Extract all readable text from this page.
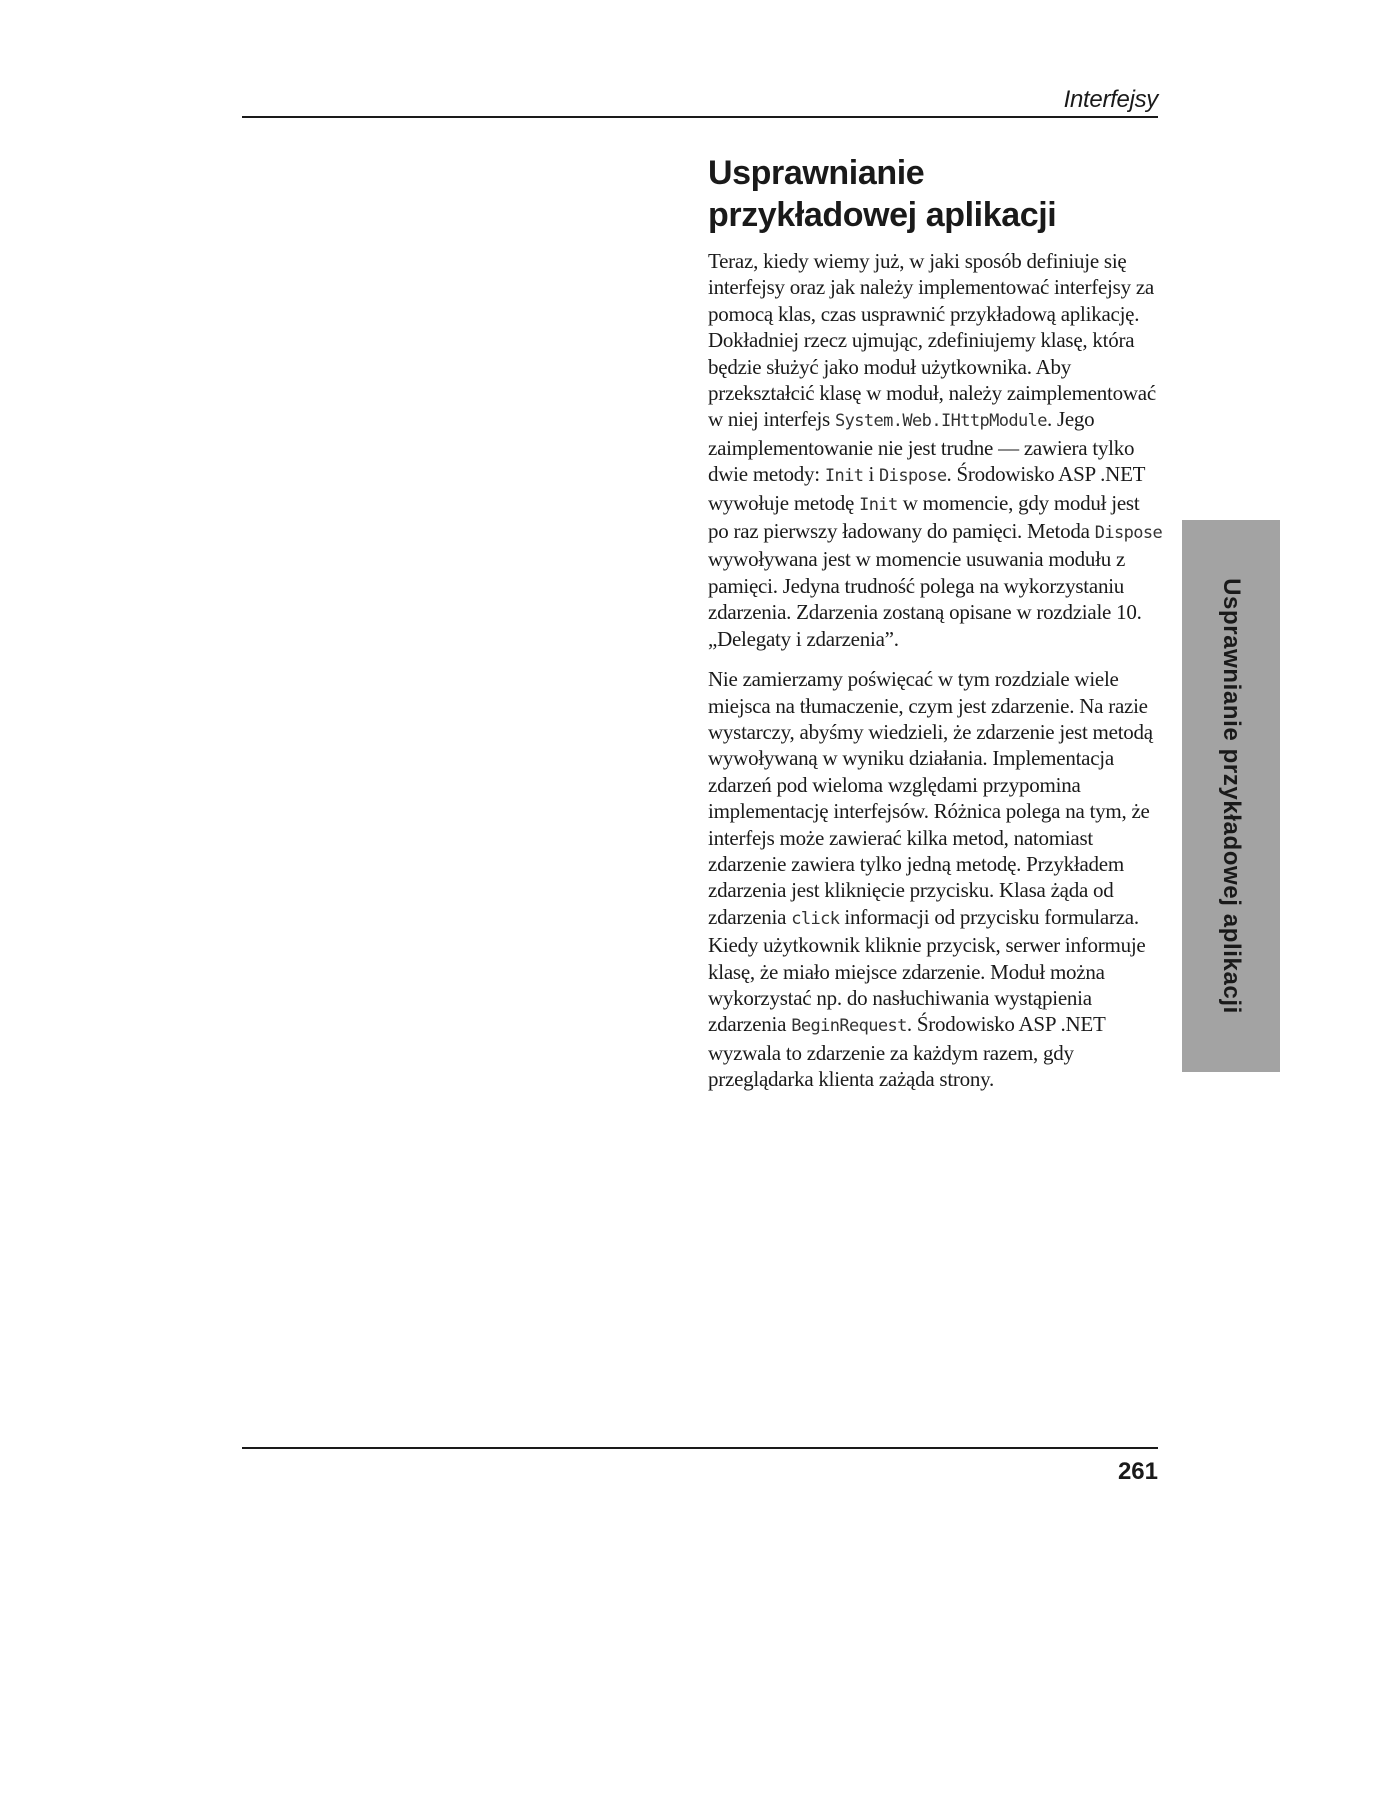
Interfejsy
Usprawnianie
przykładowej aplikacji

Teraz, kiedy wiemy już, w jaki sposób definiuje się interfejsy oraz jak należy implementować interfejsy za pomocą klas, czas usprawnić przykładową aplikację. Dokładniej rzecz ujmując, zdefiniujemy klasę, która będzie służyć jako moduł użytkownika. Aby przekształcić klasę w moduł, należy zaimplementować w niej interfejs System.Web.IHttpModule. Jego zaimplementowanie nie jest trudne — zawiera tylko dwie metody: Init i Dispose. Środowisko ASP .NET wywołuje metodę Init w momencie, gdy moduł jest po raz pierwszy ładowany do pamięci. Metoda Dispose wywoływana jest w momencie usuwania modułu z pamięci. Jedyna trudność polega na wykorzystaniu zdarzenia. Zdarzenia zostaną opisane w rozdziale 10. „Delegaty i zdarzenia”.

Nie zamierzamy poświęcać w tym rozdziale wiele miejsca na tłumaczenie, czym jest zdarzenie. Na razie wystarczy, abyśmy wiedzieli, że zdarzenie jest metodą wywoływaną w wyniku działania. Implementacja zdarzeń pod wieloma względami przypomina implementację interfejsów. Różnica polega na tym, że interfejs może zawierać kilka metod, natomiast zdarzenie zawiera tylko jedną metodę. Przykładem zdarzenia jest kliknięcie przycisku. Klasa żąda od zdarzenia click informacji od przycisku formularza. Kiedy użytkownik kliknie przycisk, serwer informuje klasę, że miało miejsce zdarzenie. Moduł można wykorzystać np. do nasłuchiwania wystąpienia zdarzenia BeginRequest. Środowisko ASP .NET wyzwala to zdarzenie za każdym razem, gdy przeglądarka klienta zażąda strony.

Usprawnianie przykładowej aplikacji
261
